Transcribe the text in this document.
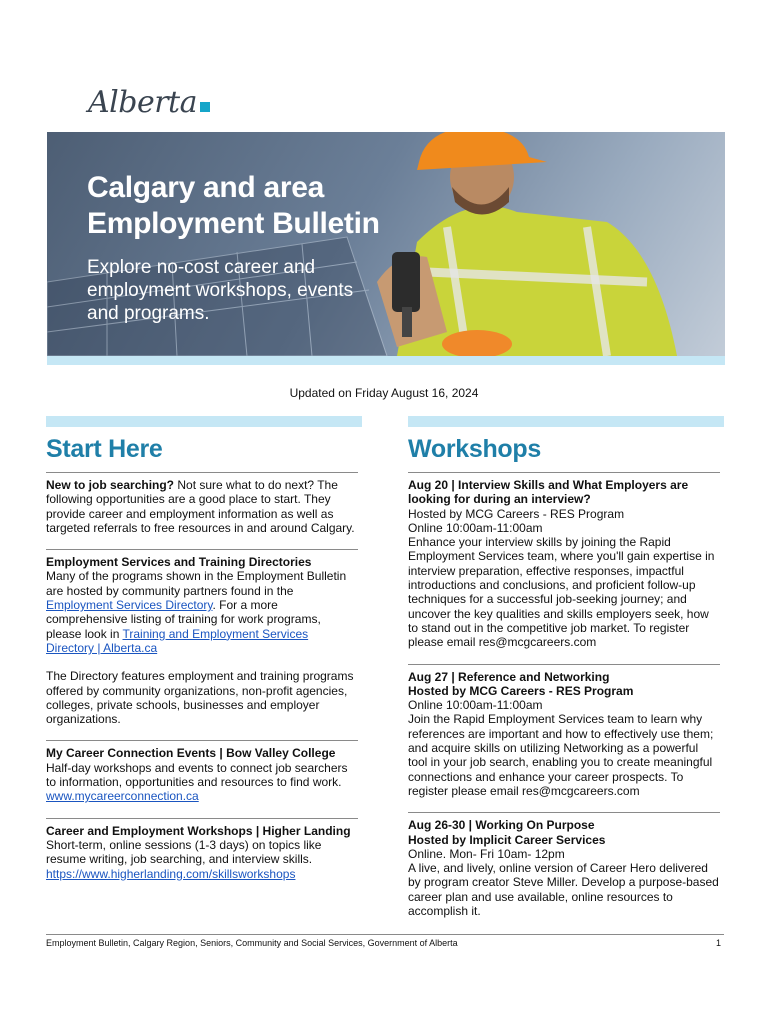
Alberta
Calgary and area Employment Bulletin
Explore no-cost career and employment workshops, events and programs.
Updated on Friday August 16, 2024
Start Here

New to job searching? Not sure what to do next? The following opportunities are a good place to start. They provide career and employment information as well as targeted referrals to free resources in and around Calgary.

Employment Services and Training Directories

Many of the programs shown in the Employment Bulletin are hosted by community partners found in the Employment Services Directory. For a more comprehensive listing of training for work programs, please look in Training and Employment Services Directory | Alberta.ca

The Directory features employment and training programs offered by community organizations, non-profit agencies, colleges, private schools, businesses and employer organizations.

My Career Connection Events | Bow Valley College

Half-day workshops and events to connect job searchers to information, opportunities and resources to find work.

www.mycareerconnection.ca

Career and Employment Workshops | Higher Landing

Short-term, online sessions (1-3 days) on topics like resume writing, job searching, and interview skills.

https://www.higherlanding.com/skillsworkshops

Workshops

Aug 20 | Interview Skills and What Employers are looking for during an interview?

Hosted by MCG Careers - RES Program

Online 10:00am-11:00am

Enhance your interview skills by joining the Rapid Employment Services team, where you'll gain expertise in interview preparation, effective responses, impactful introductions and conclusions, and proficient follow-up techniques for a successful job-seeking journey; and uncover the key qualities and skills employers seek, how to stand out in the competitive job market. To register please email res@mcgcareers.com

Aug 27 | Reference and Networking

Hosted by MCG Careers - RES Program

Online 10:00am-11:00am

Join the Rapid Employment Services team to learn why references are important and how to effectively use them; and acquire skills on utilizing Networking as a powerful tool in your job search, enabling you to create meaningful connections and enhance your career prospects. To register please email res@mcgcareers.com

Aug 26-30 | Working On Purpose

Hosted by Implicit Career Services

Online. Mon- Fri 10am- 12pm

A live, and lively, online version of Career Hero delivered by program creator Steve Miller. Develop a purpose-based career plan and use available, online resources to accomplish it.

Employment Bulletin, Calgary Region, Seniors, Community and Social Services, Government of Alberta	1
